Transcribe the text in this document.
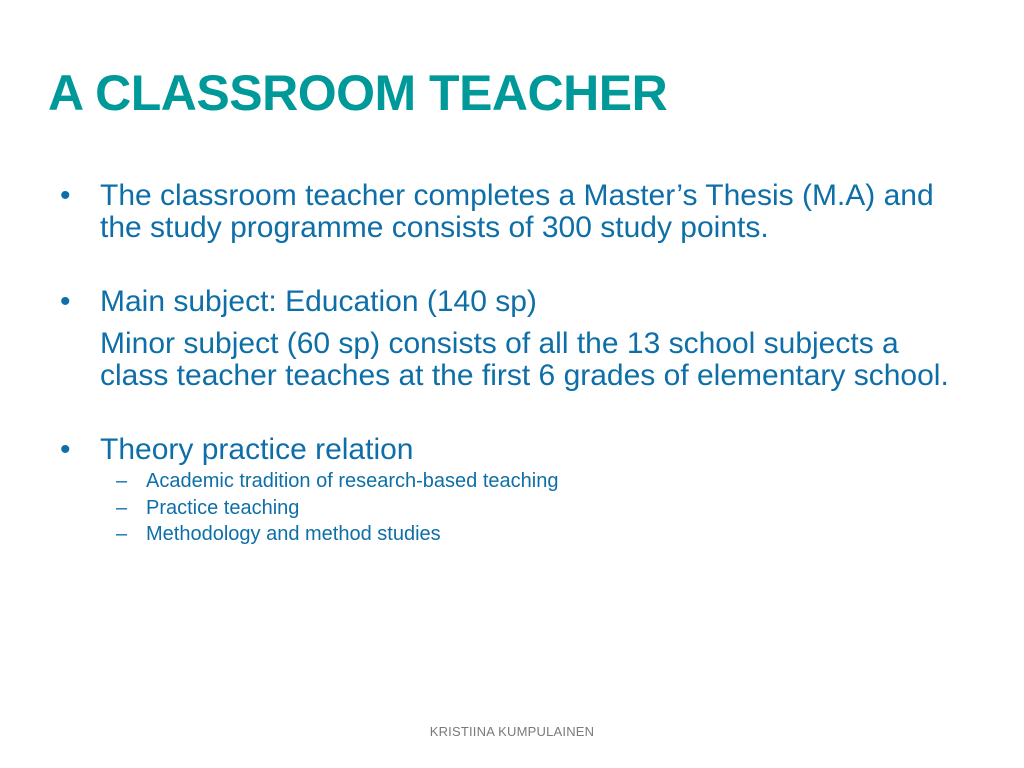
A CLASSROOM TEACHER
• The classroom teacher completes a Master’s Thesis (M.A) and the study programme consists of 300 study points.
• Main subject: Education (140 sp)
Minor subject (60 sp) consists of all the 13 school subjects a class teacher teaches at the first 6 grades of elementary school.
• Theory practice relation
– Academic tradition of research-based teaching
– Practice teaching
– Methodology and method studies
KRISTIINA KUMPULAINEN
